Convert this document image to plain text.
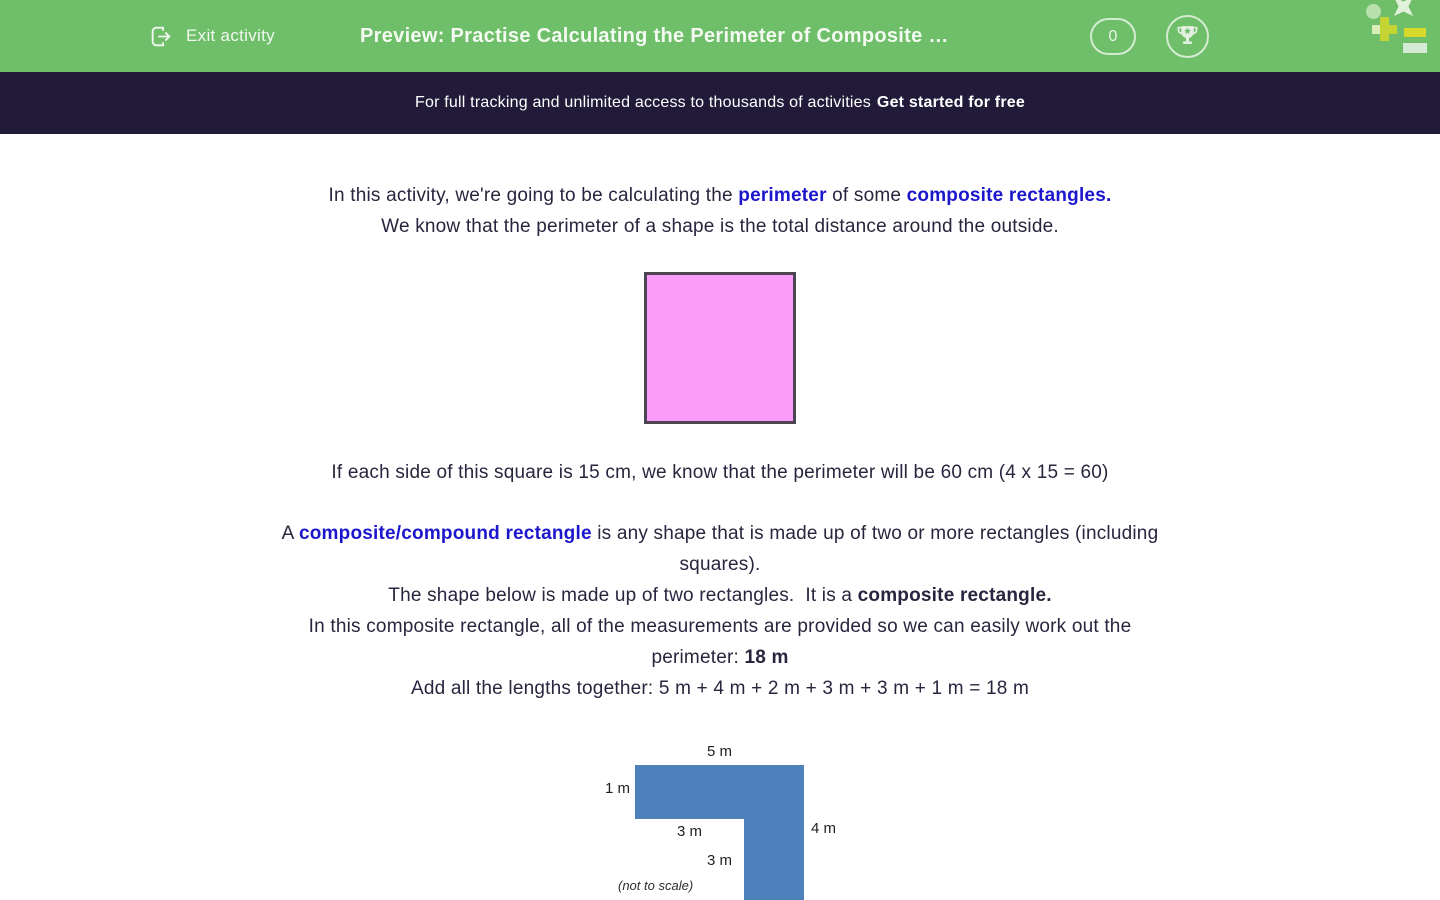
Exit activity	Preview: Practise Calculating the Perimeter of Composite …	0
For full tracking and unlimited access to thousands of activities Get started for free
In this activity, we're going to be calculating the perimeter of some composite rectangles.
We know that the perimeter of a shape is the total distance around the outside.
If each side of this square is 15 cm, we know that the perimeter will be 60 cm (4 x 15 = 60)
A composite/compound rectangle is any shape that is made up of two or more rectangles (including
squares).
The shape below is made up of two rectangles.  It is a composite rectangle.
In this composite rectangle, all of the measurements are provided so we can easily work out the
perimeter: 18 m
Add all the lengths together: 5 m + 4 m + 2 m + 3 m + 3 m + 1 m = 18 m
5 m
1 m
3 m
3 m
4 m
(not to scale)
